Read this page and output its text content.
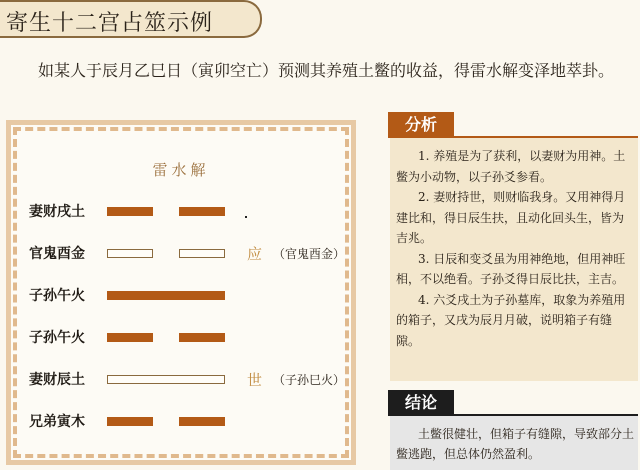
寄生十二宫占筮示例
如某人于辰月乙巳日（寅卯空亡）预测其养殖土鳖的收益，得雷水解变泽地萃卦。
雷水解
妻财戌土
官鬼酉金	应 （官鬼酉金）
子孙午火
子孙午火
妻财辰土	世 （子孙巳火）
兄弟寅木
分析

1. 养殖是为了获利，以妻财为用神。土鳖为小动物，以子孙爻参看。

2. 妻财持世，则财临我身。又用神得月建比和，得日辰生扶，且动化回头生，皆为吉兆。

3. 日辰和变爻虽为用神绝地，但用神旺相，不以绝看。子孙爻得日辰比扶，主吉。

4. 六爻戌土为子孙墓库，取象为养殖用的箱子，又戌为辰月月破，说明箱子有缝隙。

结论

土鳖很健壮，但箱子有缝隙，导致部分土鳖逃跑，但总体仍然盈利。
